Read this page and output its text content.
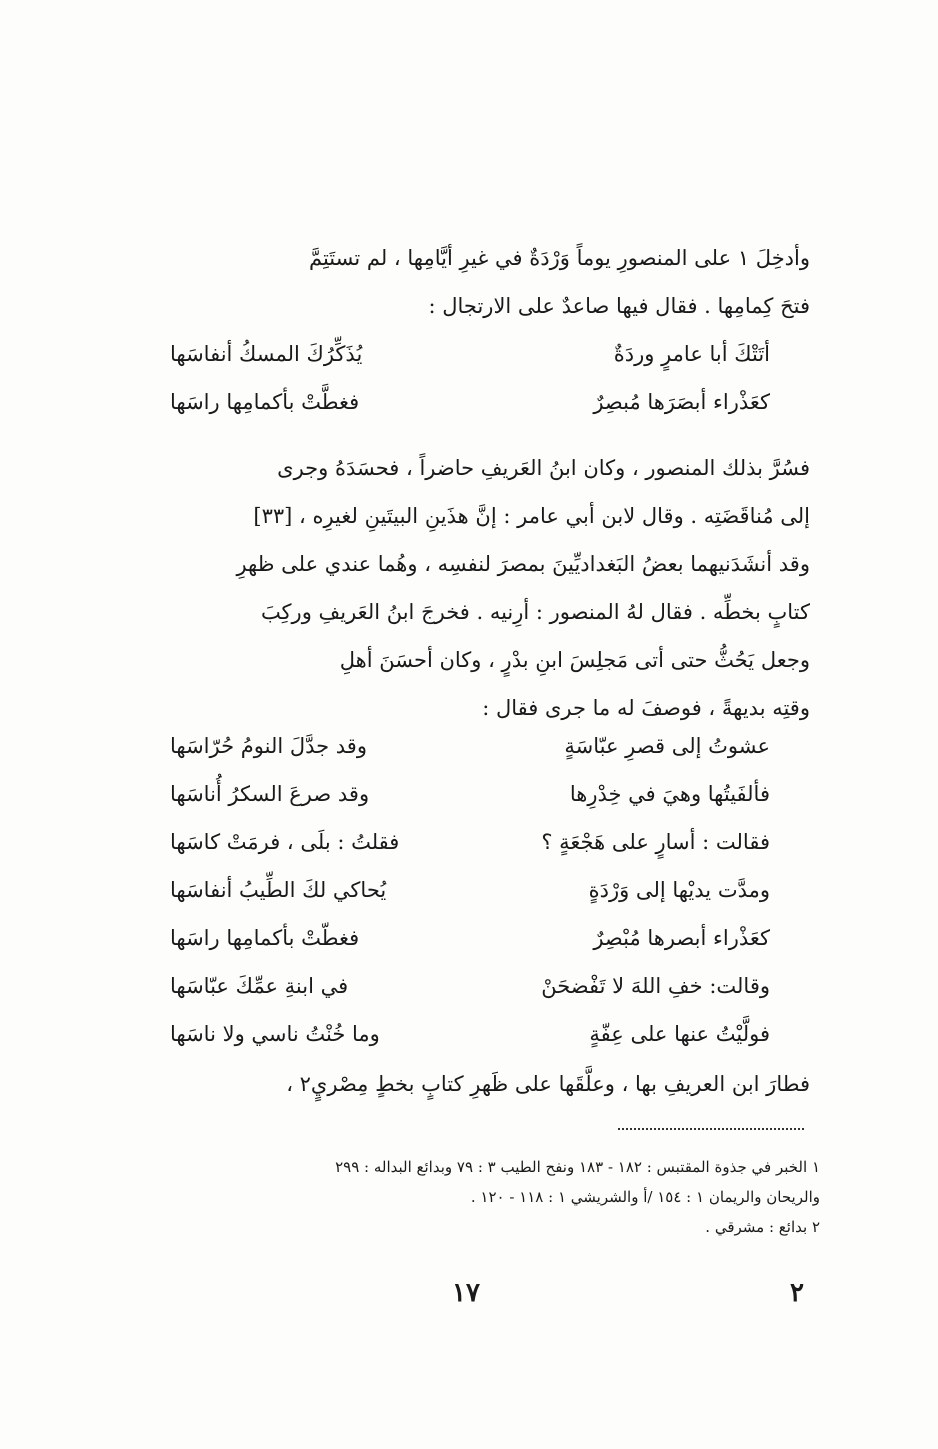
وأدخِلَ ١ على المنصورِ يوماً وَرْدَةٌ في غيرِ أيَّامِها ، لم تستَتِمَّ
فتحَ كِمامِها . فقال فيها صاعدٌ على الارتجال :
أتَتْكَ أبا عامرٍ وردَةٌ
يُذَكِّرُكَ المسكُ أنفاسَها
كعَذْراء أبصَرَها مُبصِرٌ
فغطَّتْ بأكمامِها راسَها
فسُرَّ بذلك المنصور ، وكان ابنُ العَريفِ حاضراً ، فحسَدَهُ وجرى
إلى مُناقَضَتِه . وقال لابن أبي عامر : إنَّ هذَينِ البيتَينِ لغيرِه ، [٣٣]
وقد أنشَدَنيهما بعضُ البَغداديِّينَ بمصرَ لنفسِه ، وهُما عندي على ظهرِ
كتابٍ بخطِّه . فقال لهُ المنصور : أرِنيه . فخرجَ ابنُ العَريفِ وركِبَ
وجعل يَحُثُّ حتى أتى مَجلِسَ ابنِ بدْرٍ ، وكان أحسَنَ أهلِ
وقتِه بديهةً ، فوصفَ له ما جرى فقال :
عشوتُ إلى قصرِ عبّاسَةٍ
وقد جدَّلَ النومُ حُرّاسَها
فألفَيتُها وهيَ في خِدْرِها
وقد صرعَ السكرُ أُناسَها
فقالت : أسارٍ على هَجْعَةٍ ؟
فقلتُ : بلَى ، فرمَتْ كاسَها
ومدَّت يديْها إلى وَرْدَةٍ
يُحاكي لكَ الطِّيبُ أنفاسَها
كعَذْراء أبصرها مُبْصِرٌ
فغطّتْ بأكمامِها راسَها
وقالت: خفِ اللهَ لا تَفْضحَنْ
في ابنةِ عمِّكَ عبّاسَها
فولَّيْتُ عنها على عِفّةٍ
وما خُنْتُ ناسي ولا ناسَها
فطارَ ابن العريفِ بها ، وعلَّقَها على ظَهرِ كتابٍ بخطٍ مِصْريٍ٢ ،
١ الخبر في جذوة المقتبس : ١٨٢ - ١٨٣ ونفح الطيب ٣ : ٧٩ وبدائع البداله : ٢٩٩
والريحان والريمان ١ : ١٥٤ /أ والشريشي ١ : ١١٨ - ١٢٠ .
٢ بدائع : مشرقي .
١٧	٢
